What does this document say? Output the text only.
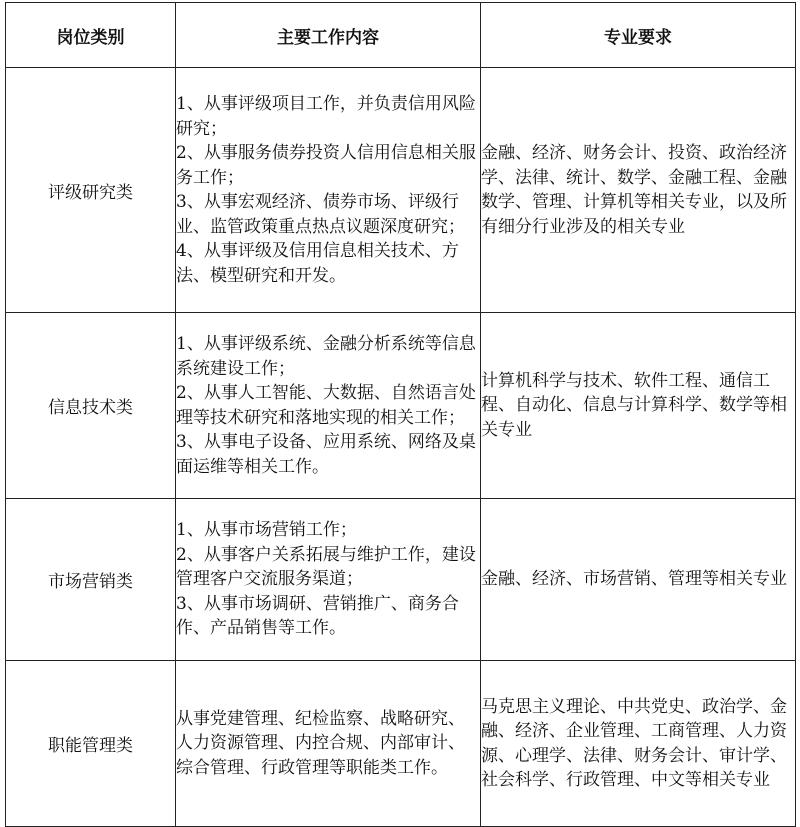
岗位类别	主要工作内容	专业要求
评级研究类	1、从事评级项目工作，并负责信用风险研究；
2、从事服务债券投资人信用信息相关服务工作；
3、从事宏观经济、债券市场、评级行业、监管政策重点热点议题深度研究；
4、从事评级及信用信息相关技术、方法、模型研究和开发。	金融、经济、财务会计、投资、政治经济学、法律、统计、数学、金融工程、金融数学、管理、计算机等相关专业，以及所有细分行业涉及的相关专业
信息技术类	1、从事评级系统、金融分析系统等信息系统建设工作；
2、从事人工智能、大数据、自然语言处理等技术研究和落地实现的相关工作；
3、从事电子设备、应用系统、网络及桌面运维等相关工作。	计算机科学与技术、软件工程、通信工程、自动化、信息与计算科学、数学等相关专业
市场营销类	1、从事市场营销工作；
2、从事客户关系拓展与维护工作，建设管理客户交流服务渠道；
3、从事市场调研、营销推广、商务合作、产品销售等工作。	金融、经济、市场营销、管理等相关专业
职能管理类	从事党建管理、纪检监察、战略研究、人力资源管理、内控合规、内部审计、综合管理、行政管理等职能类工作。	马克思主义理论、中共党史、政治学、金融、经济、企业管理、工商管理、人力资源、心理学、法律、财务会计、审计学、社会科学、行政管理、中文等相关专业
